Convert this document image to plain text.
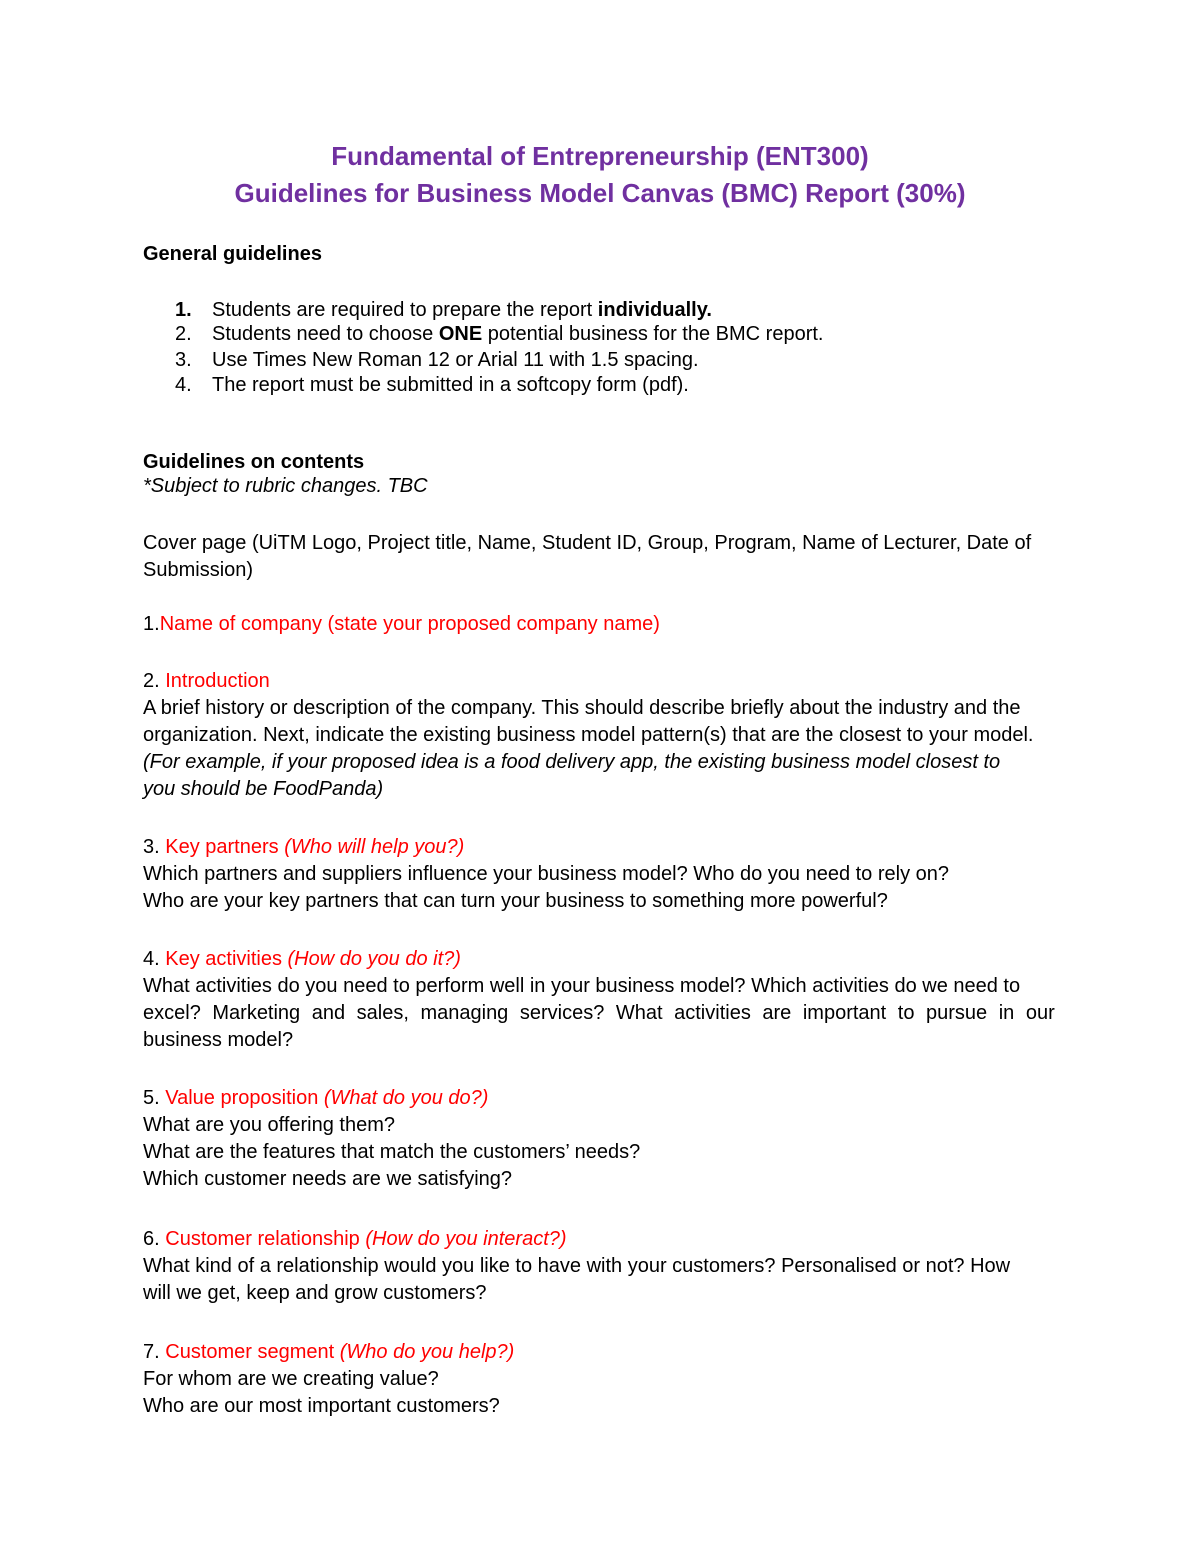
Fundamental of Entrepreneurship (ENT300)
Guidelines for Business Model Canvas (BMC) Report (30%)
General guidelines
1.	Students are required to prepare the report individually.
2.	Students need to choose ONE potential business for the BMC report.
3.	Use Times New Roman 12 or Arial 11 with 1.5 spacing.
4.	The report must be submitted in a softcopy form (pdf).
Guidelines on contents
*Subject to rubric changes. TBC
Cover page (UiTM Logo, Project title, Name, Student ID, Group, Program, Name of Lecturer, Date of
Submission)
1.Name of company (state your proposed company name)
2. Introduction
A brief history or description of the company. This should describe briefly about the industry and the
organization. Next, indicate the existing business model pattern(s) that are the closest to your model.
(For example, if your proposed idea is a food delivery app, the existing business model closest to
you should be FoodPanda)
3. Key partners (Who will help you?)
Which partners and suppliers influence your business model? Who do you need to rely on?
Who are your key partners that can turn your business to something more powerful?
4. Key activities (How do you do it?)
What activities do you need to perform well in your business model? Which activities do we need to
excel? Marketing and sales, managing services? What activities are important to pursue in our
business model?
5. Value proposition (What do you do?)
What are you offering them?
What are the features that match the customers’ needs?
Which customer needs are we satisfying?
6. Customer relationship (How do you interact?)
What kind of a relationship would you like to have with your customers? Personalised or not? How
will we get, keep and grow customers?
7. Customer segment (Who do you help?)
For whom are we creating value?
Who are our most important customers?
